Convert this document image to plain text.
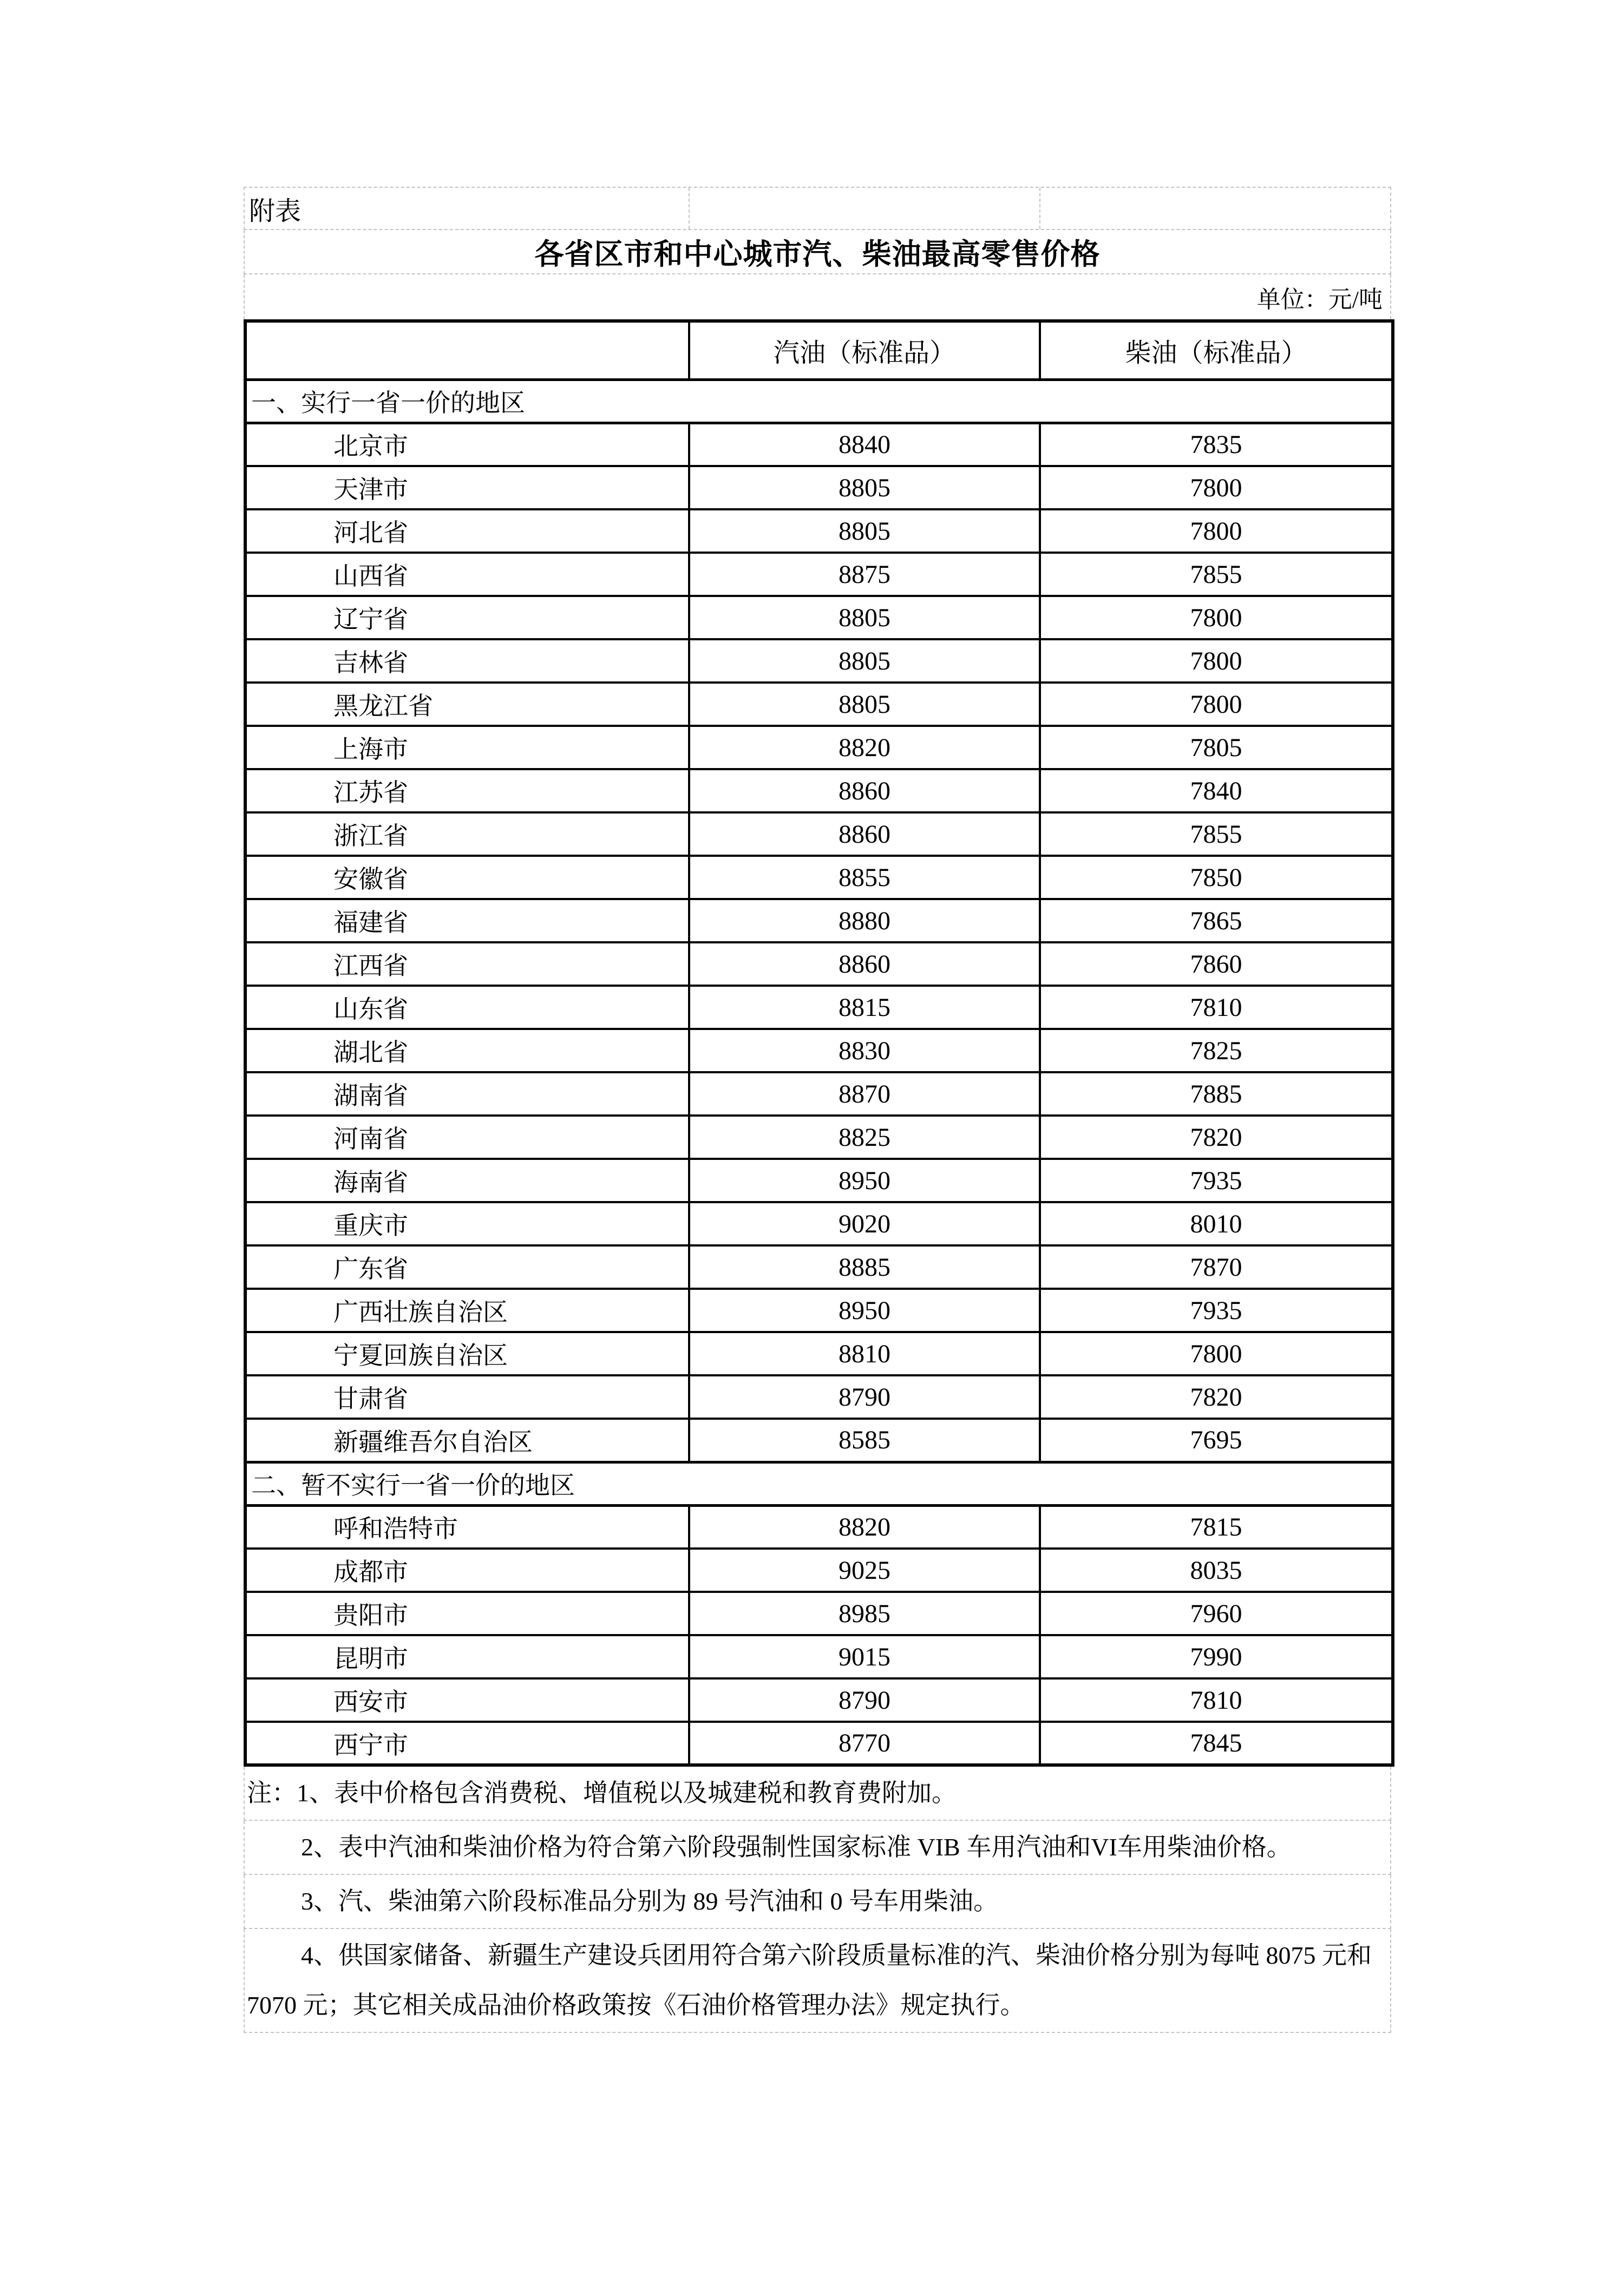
附表
各省区市和中心城市汽、柴油最高零售价格
单位：元/吨
	汽油（标准品）	柴油（标准品）
一、实行一省一价的地区		
北京市	8840	7835
天津市	8805	7800
河北省	8805	7800
山西省	8875	7855
辽宁省	8805	7800
吉林省	8805	7800
黑龙江省	8805	7800
上海市	8820	7805
江苏省	8860	7840
浙江省	8860	7855
安徽省	8855	7850
福建省	8880	7865
江西省	8860	7860
山东省	8815	7810
湖北省	8830	7825
湖南省	8870	7885
河南省	8825	7820
海南省	8950	7935
重庆市	9020	8010
广东省	8885	7870
广西壮族自治区	8950	7935
宁夏回族自治区	8810	7800
甘肃省	8790	7820
新疆维吾尔自治区	8585	7695
二、暂不实行一省一价的地区		
呼和浩特市	8820	7815
成都市	9025	8035
贵阳市	8985	7960
昆明市	9015	7990
西安市	8790	7810
西宁市	8770	7845

注：1、表中价格包含消费税、增值税以及城建税和教育费附加。

2、表中汽油和柴油价格为符合第六阶段强制性国家标准 VIB 车用汽油和VI车用柴油价格。

3、汽、柴油第六阶段标准品分别为 89 号汽油和 0 号车用柴油。

4、供国家储备、新疆生产建设兵团用符合第六阶段质量标准的汽、柴油价格分别为每吨 8075 元和 7070 元；其它相关成品油价格政策按《石油价格管理办法》规定执行。
